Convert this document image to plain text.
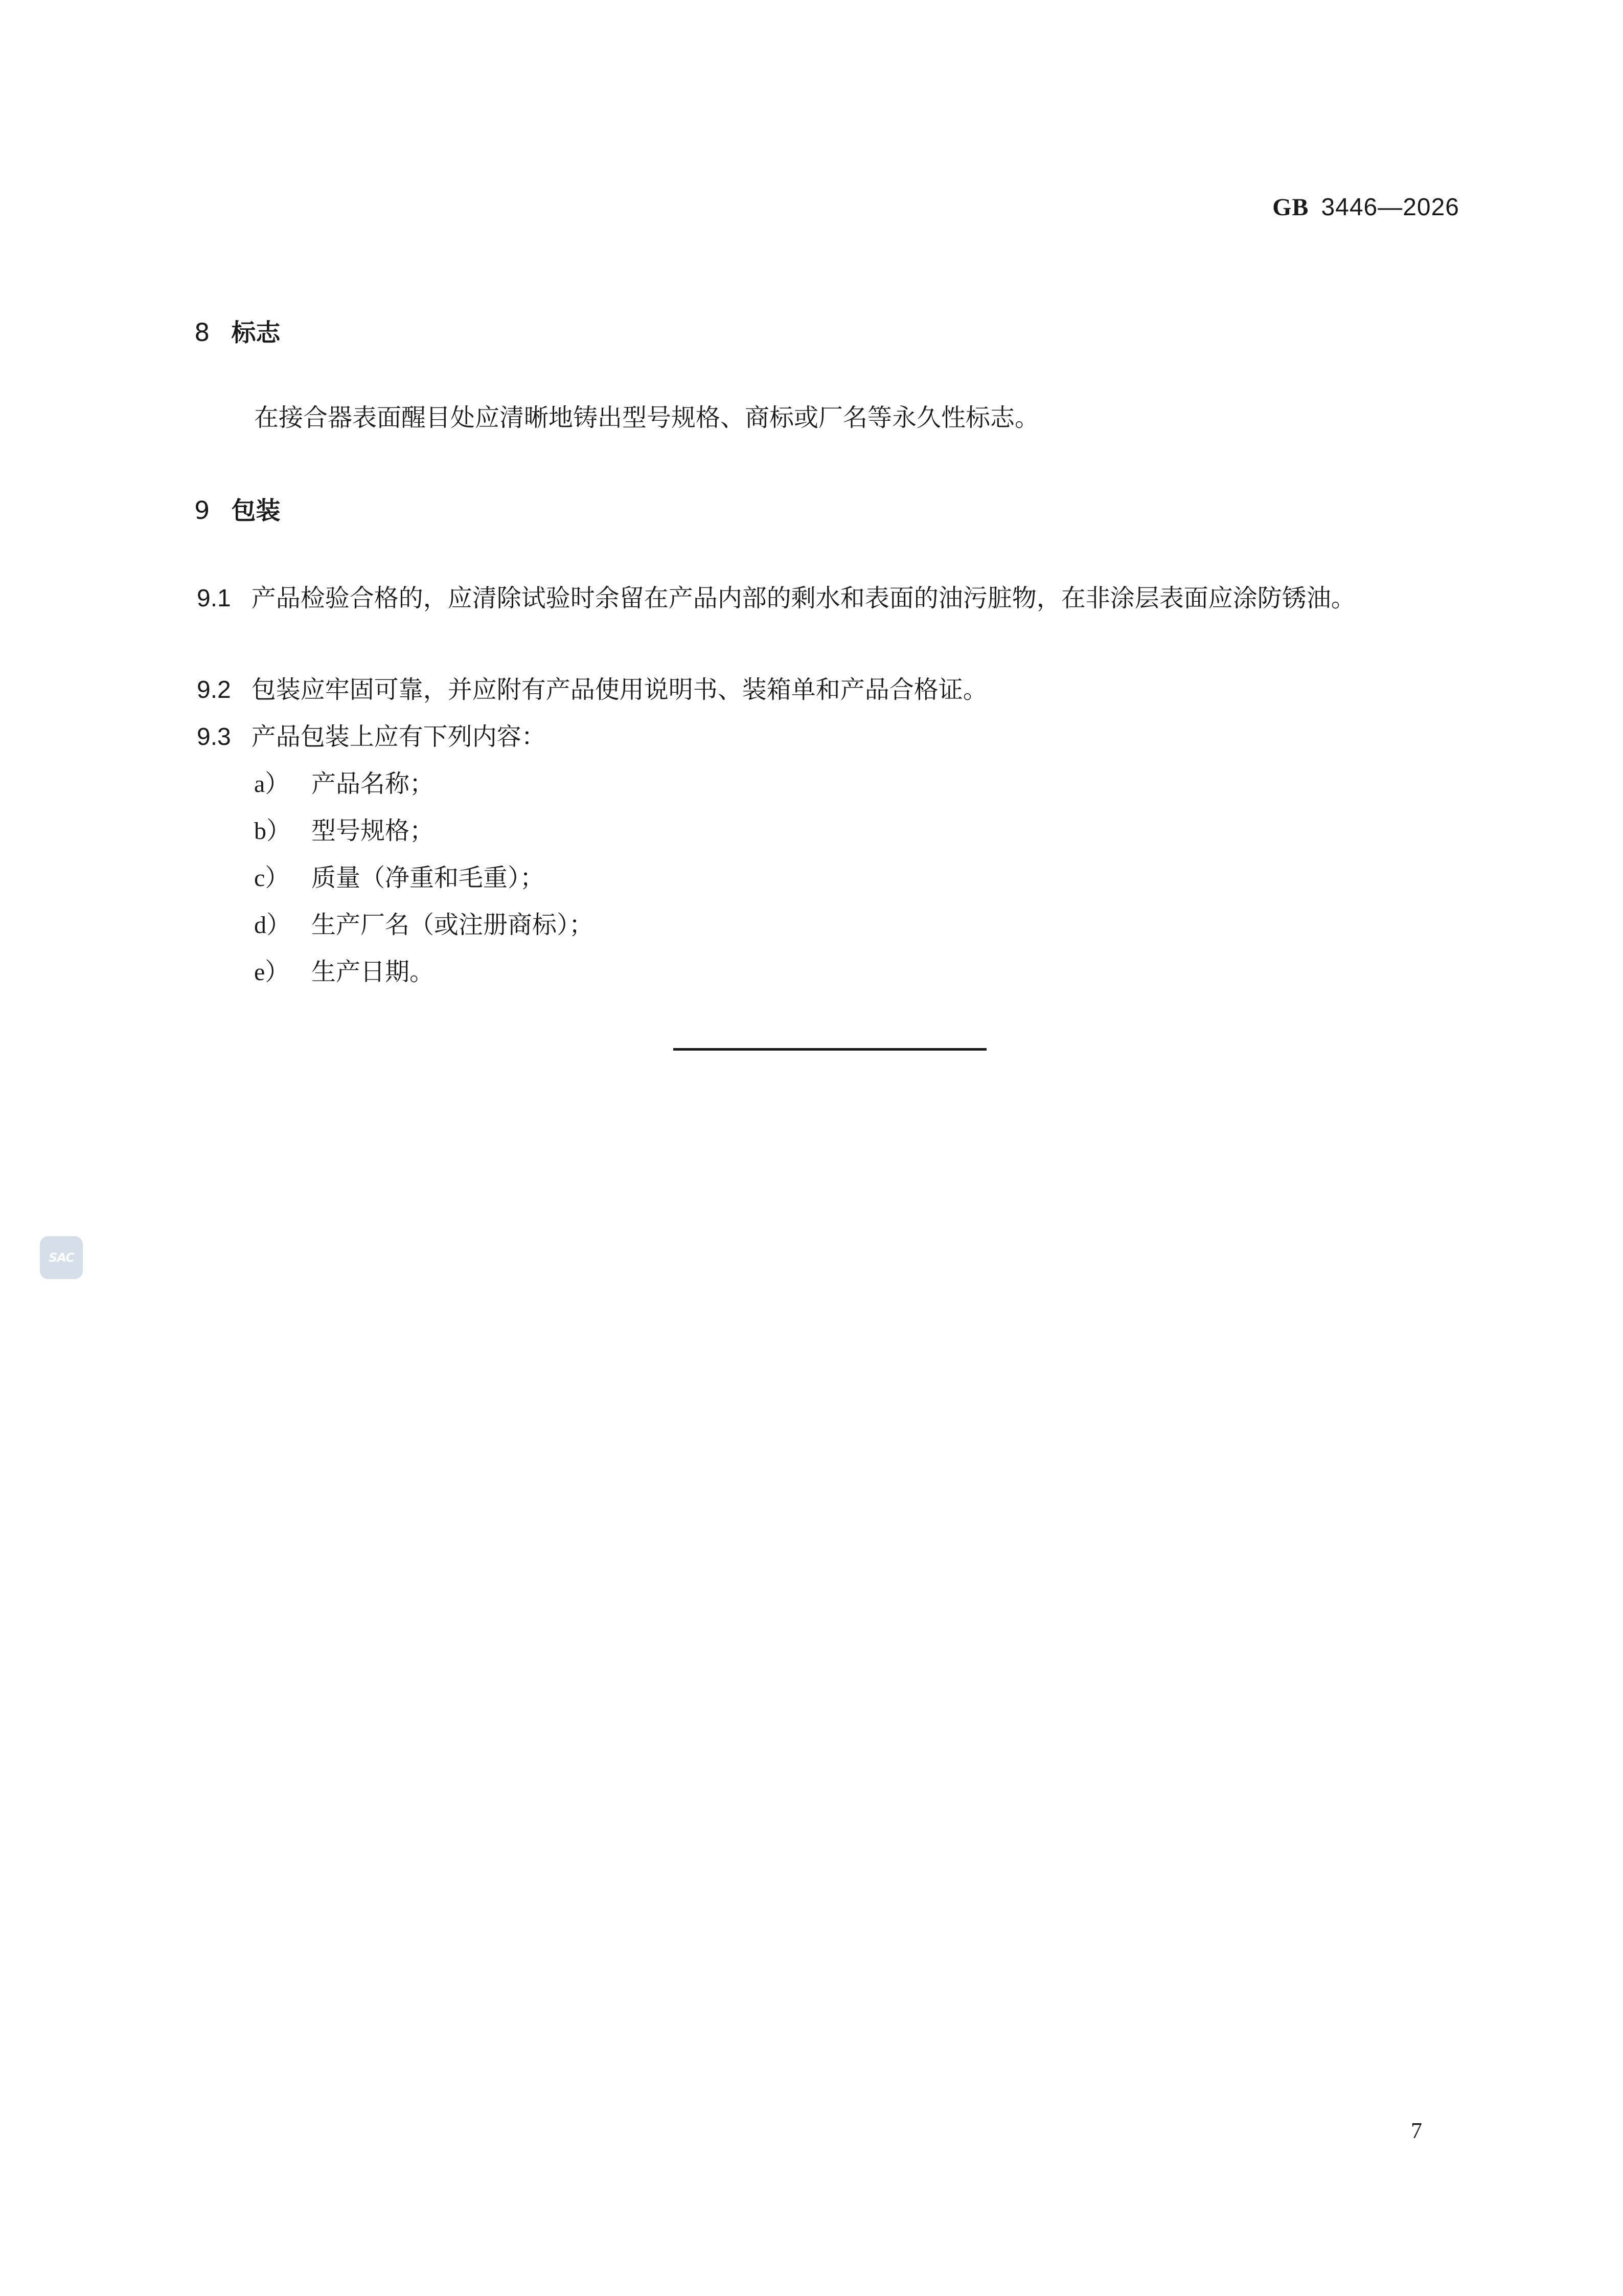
GB 3446—2026
8 标志
在接合器表面醒目处应清晰地铸出型号规格、商标或厂名等永久性标志。
9 包装
9.1 产品检验合格的，应清除试验时余留在产品内部的剩水和表面的油污脏物，在非涂层表面应涂防锈油。
9.2 包装应牢固可靠，并应附有产品使用说明书、装箱单和产品合格证。
9.3 产品包装上应有下列内容：
a） 产品名称；
b） 型号规格；
c） 质量（净重和毛重）；
d） 生产厂名（或注册商标）；
e） 生产日期。
SAC
7
